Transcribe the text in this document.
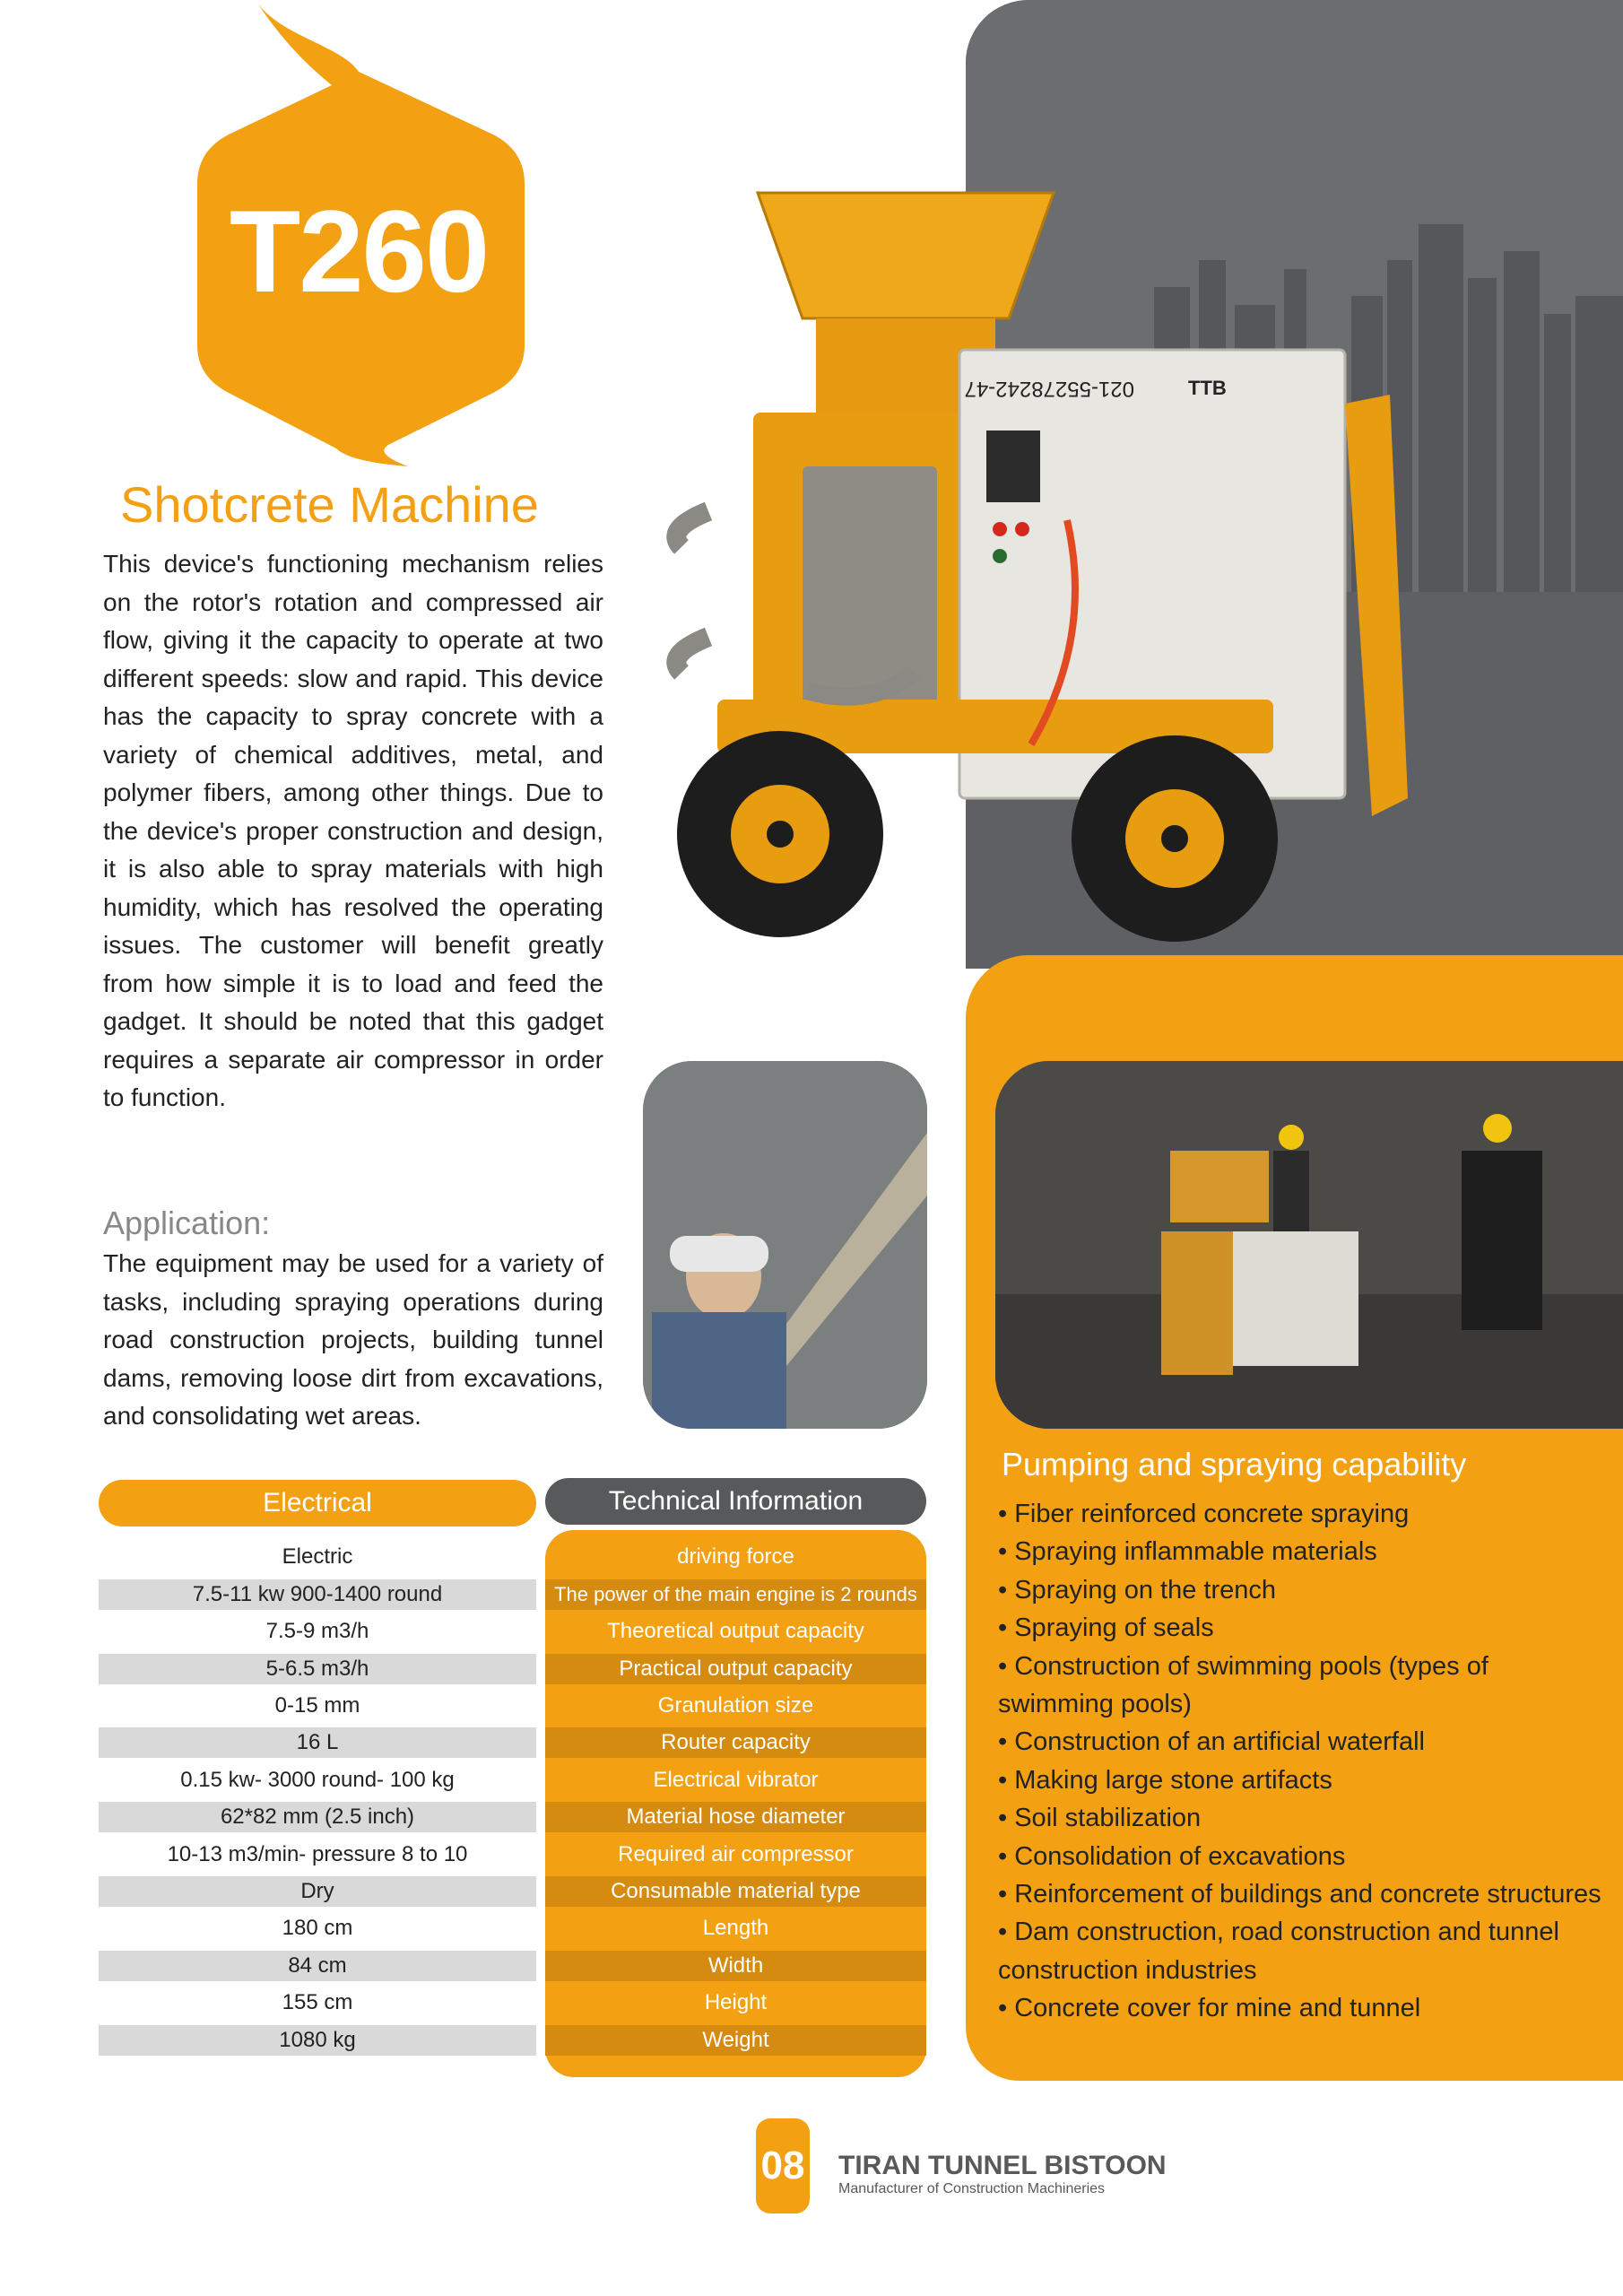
T260
Shotcrete Machine
This device's functioning mechanism relies on the rotor's rotation and compressed air flow, giving it the capacity to operate at two different speeds: slow and rapid. This device has the capacity to spray concrete with a variety of chemical additives, metal, and polymer fibers, among other things. Due to the device's proper construction and design, it is also able to spray materials with high humidity, which has resolved the operating issues. The customer will benefit greatly from how simple it is to load and feed the gadget. It should be noted that this gadget requires a separate air compressor in order to function.
Application:
The equipment may be used for a variety of tasks, including spraying operations during road construction projects, building tunnel dams, removing loose dirt from excavations, and consolidating wet areas.
021-55278242-47	TTB
Electrical	Technical Information
Electric	driving force
7.5-11 kw 900-1400 round	The power of the main engine is 2 rounds
7.5-9 m3/h	Theoretical output capacity
5-6.5 m3/h	Practical output capacity
0-15 mm	Granulation size
16 L	Router capacity
0.15 kw- 3000 round- 100 kg	Electrical vibrator
62*82 mm (2.5 inch)	Material hose diameter
10-13 m3/min- pressure 8 to 10	Required air compressor
Dry	Consumable material type
180 cm	Length
84 cm	Width
155 cm	Height
1080 kg	Weight
Pumping and spraying capability
• Fiber reinforced concrete spraying
• Spraying inflammable materials
• Spraying on the trench
• Spraying of seals
• Construction of swimming pools (types of swimming pools)
• Construction of an artificial waterfall
• Making large stone artifacts
• Soil stabilization
• Consolidation of excavations
• Reinforcement of buildings and concrete structures
• Dam construction, road construction and tunnel construction industries
• Concrete cover for mine and tunnel
08 TIRAN TUNNEL BISTOON
Manufacturer of Construction Machineries
